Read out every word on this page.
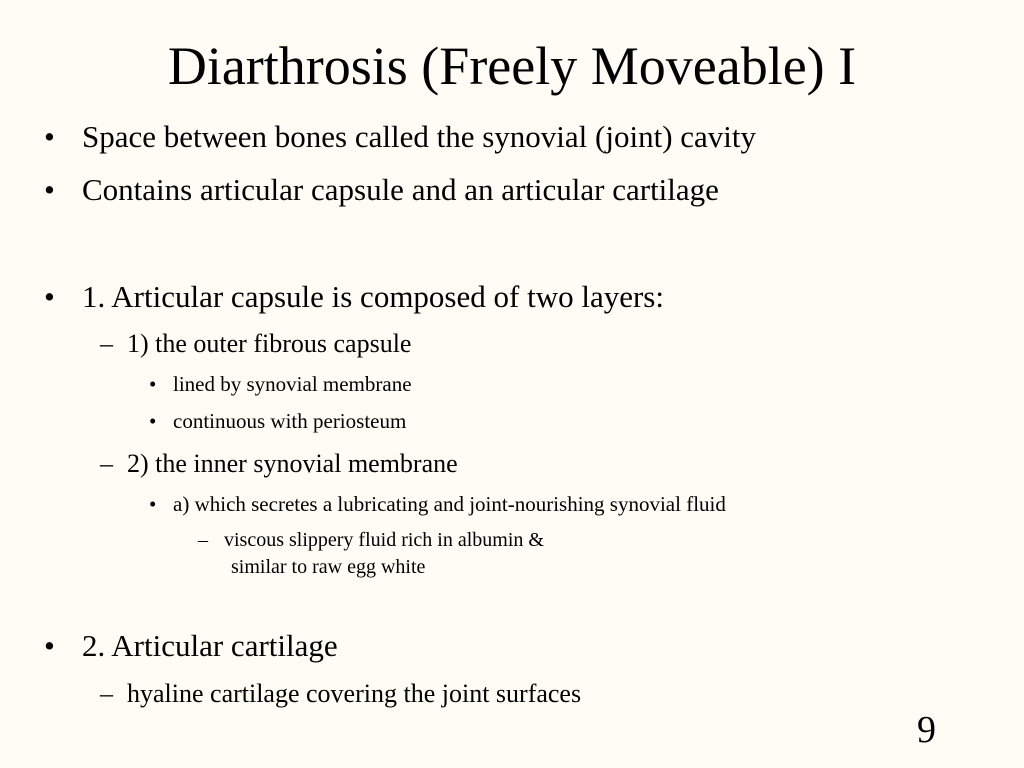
Diarthrosis (Freely Moveable) I
• Space between bones called the synovial (joint) cavity
• Contains articular capsule and an articular cartilage
• 1. Articular capsule is composed of two layers:
– 1) the outer fibrous capsule
• lined by synovial membrane
• continuous with periosteum
– 2) the inner synovial membrane
• a) which secretes a lubricating and joint-nourishing synovial fluid
– viscous slippery fluid rich in albumin &
similar to raw egg white
• 2. Articular cartilage
– hyaline cartilage covering the joint surfaces
9
